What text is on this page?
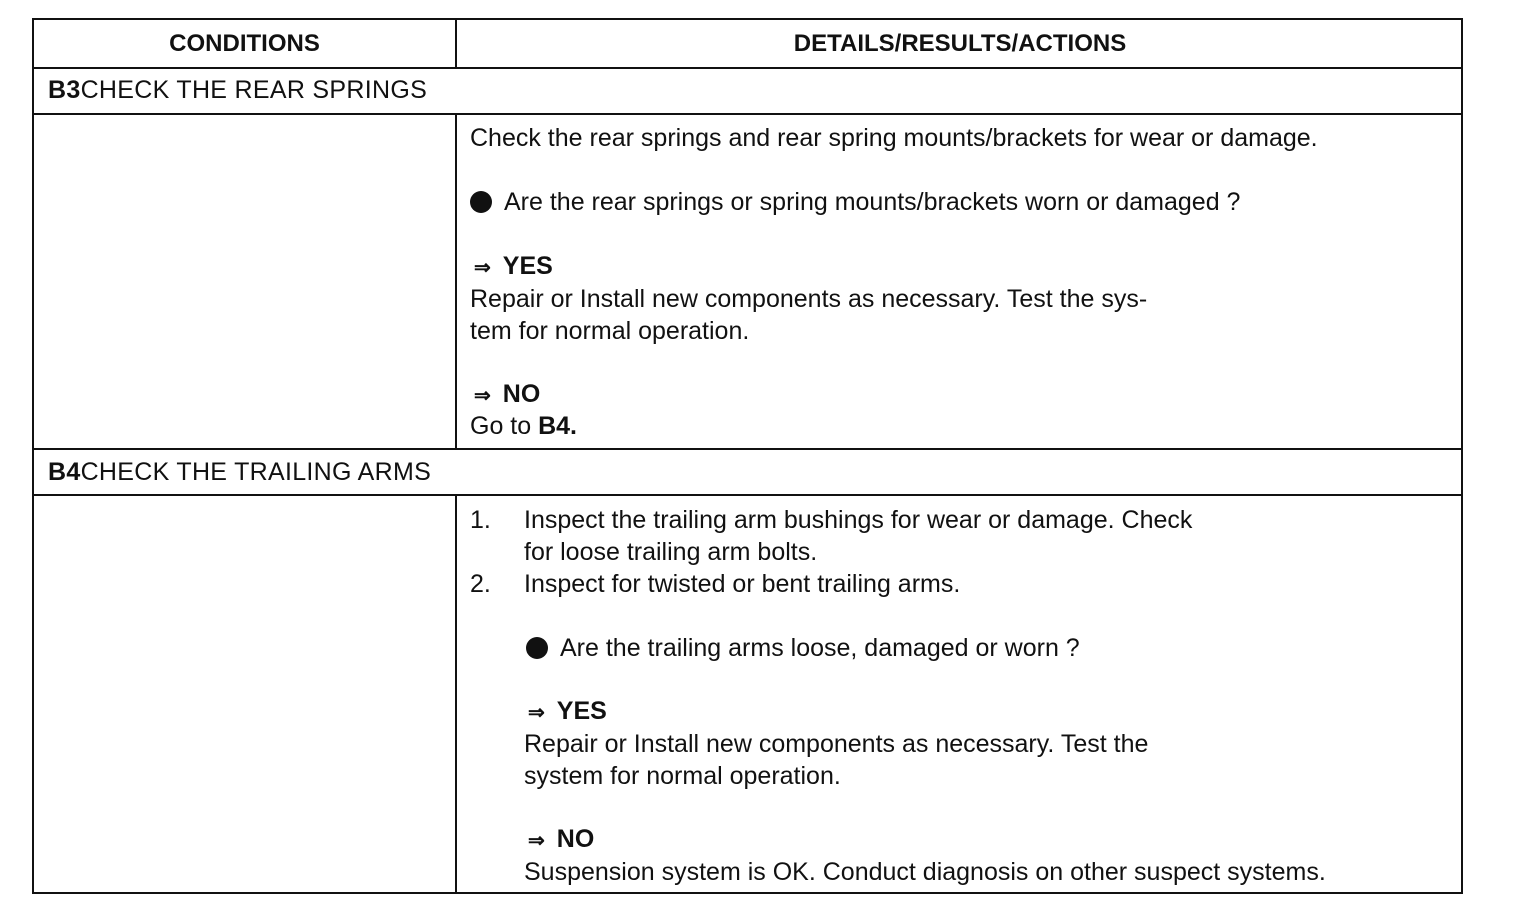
CONDITIONS	DETAILS/RESULTS/ACTIONS
B3CHECK THE REAR SPRINGS
Check the rear springs and rear spring mounts/brackets for wear or damage.
Are the rear springs or spring mounts/brackets worn or damaged ?
⇒ YES
Repair or Install new components as necessary. Test the sys-
tem for normal operation.
⇒ NO
Go to B4.
B4CHECK THE TRAILING ARMS
1. Inspect the trailing arm bushings for wear or damage. Check
for loose trailing arm bolts.
2. Inspect for twisted or bent trailing arms.
Are the trailing arms loose, damaged or worn ?
⇒ YES
Repair or Install new components as necessary. Test the
system for normal operation.
⇒ NO
Suspension system is OK. Conduct diagnosis on other suspect systems.
